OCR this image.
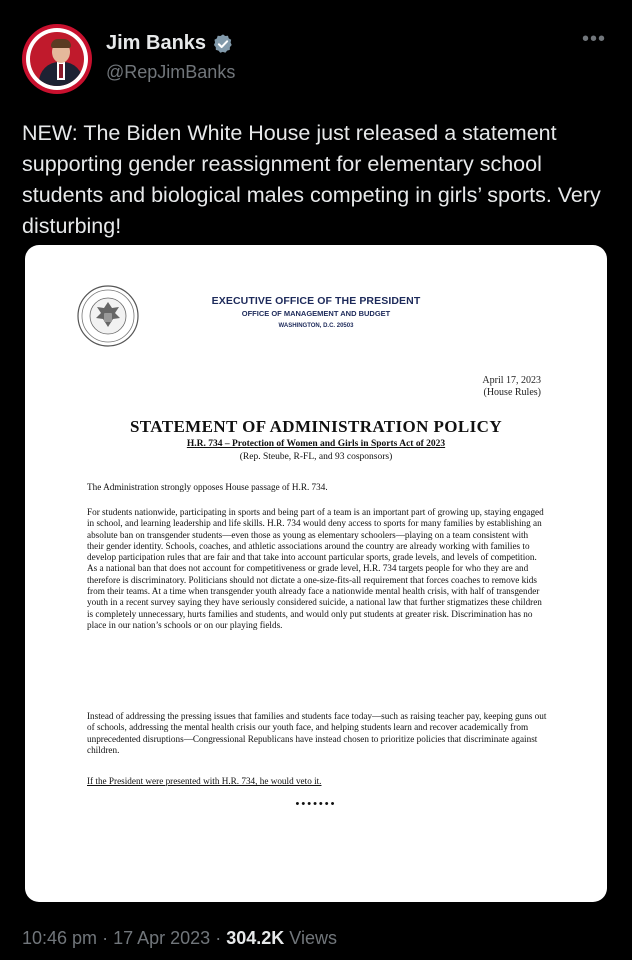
Jim Banks
@RepJimBanks
•••
NEW: The Biden White House just released a statement supporting gender reassignment for elementary school students and biological males competing in girls’ sports. Very disturbing!
EXECUTIVE OFFICE OF THE PRESIDENT
OFFICE OF MANAGEMENT AND BUDGET
WASHINGTON, D.C. 20503
April 17, 2023
(House Rules)
STATEMENT OF ADMINISTRATION POLICY
H.R. 734 – Protection of Women and Girls in Sports Act of 2023
(Rep. Steube, R-FL, and 93 cosponsors)
The Administration strongly opposes House passage of H.R. 734.
For students nationwide, participating in sports and being part of a team is an important part of growing up, staying engaged in school, and learning leadership and life skills. H.R. 734 would deny access to sports for many families by establishing an absolute ban on transgender students—even those as young as elementary schoolers—playing on a team consistent with their gender identity. Schools, coaches, and athletic associations around the country are already working with families to develop participation rules that are fair and that take into account particular sports, grade levels, and levels of competition. As a national ban that does not account for competitiveness or grade level, H.R. 734 targets people for who they are and therefore is discriminatory. Politicians should not dictate a one-size-fits-all requirement that forces coaches to remove kids from their teams. At a time when transgender youth already face a nationwide mental health crisis, with half of transgender youth in a recent survey saying they have seriously considered suicide, a national law that further stigmatizes these children is completely unnecessary, hurts families and students, and would only put students at greater risk. Discrimination has no place in our nation’s schools or on our playing fields.
Instead of addressing the pressing issues that families and students face today—such as raising teacher pay, keeping guns out of schools, addressing the mental health crisis our youth face, and helping students learn and recover academically from unprecedented disruptions—Congressional Republicans have instead chosen to prioritize policies that discriminate against children.
If the President were presented with H.R. 734, he would veto it.
•••••••
10:46 pm · 17 Apr 2023 · 304.2K Views
